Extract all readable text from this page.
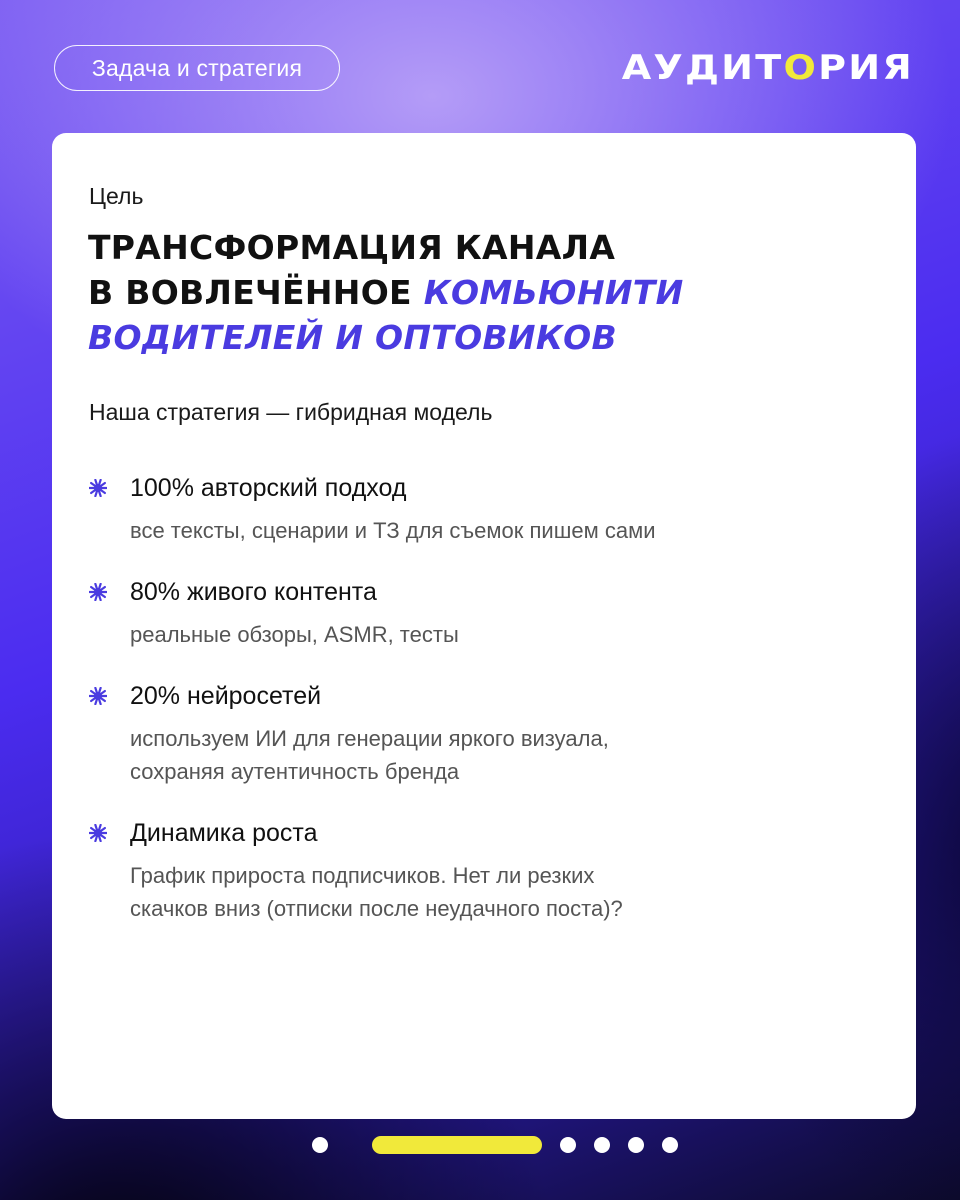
Задача и стратегия	АУДИТ О РИЯ
Цель
ТРАНСФОРМАЦИЯ КАНАЛА
В ВОВЛЕЧЁННОЕ КОМЬЮНИТИ
ВОДИТЕЛЕЙ И ОПТОВИКОВ
Наша стратегия — гибридная модель
100% авторский подход
все тексты, сценарии и ТЗ для съемок пишем сами
80% живого контента
реальные обзоры, ASMR, тесты
20% нейросетей
используем ИИ для генерации яркого визуала,
сохраняя аутентичность бренда
Динамика роста
График прироста подписчиков. Нет ли резких
скачков вниз (отписки после неудачного поста)?
